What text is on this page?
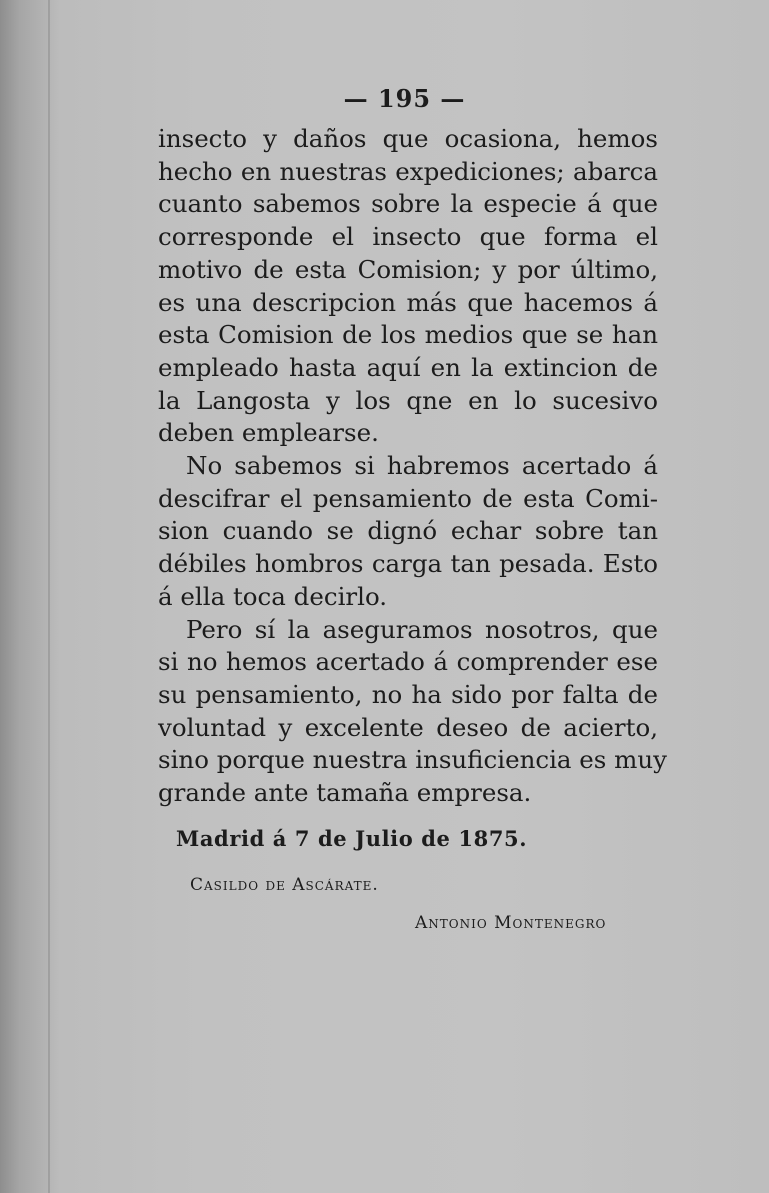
— 195 —
insecto y daños que ocasiona, hemos
hecho en nuestras expediciones; abarca
cuanto sabemos sobre la especie á que
corresponde el insecto que forma el
motivo de esta Comision; y por último,
es una descripcion más que hacemos á
esta Comision de los medios que se han
empleado hasta aquí en la extincion de
la Langosta y los qne en lo sucesivo
deben emplearse.
No sabemos si habremos acertado á
descifrar el pensamiento de esta Comi-
sion cuando se dignó echar sobre tan
débiles hombros carga tan pesada. Esto
á ella toca decirlo.
Pero sí la aseguramos nosotros, que
si no hemos acertado á comprender ese
su pensamiento, no ha sido por falta de
voluntad y excelente deseo de acierto,
sino porque nuestra insuficiencia es muy
grande ante tamaña empresa.
Madrid á 7 de Julio de 1875.
Casildo de Ascárate.
Antonio Montenegro
